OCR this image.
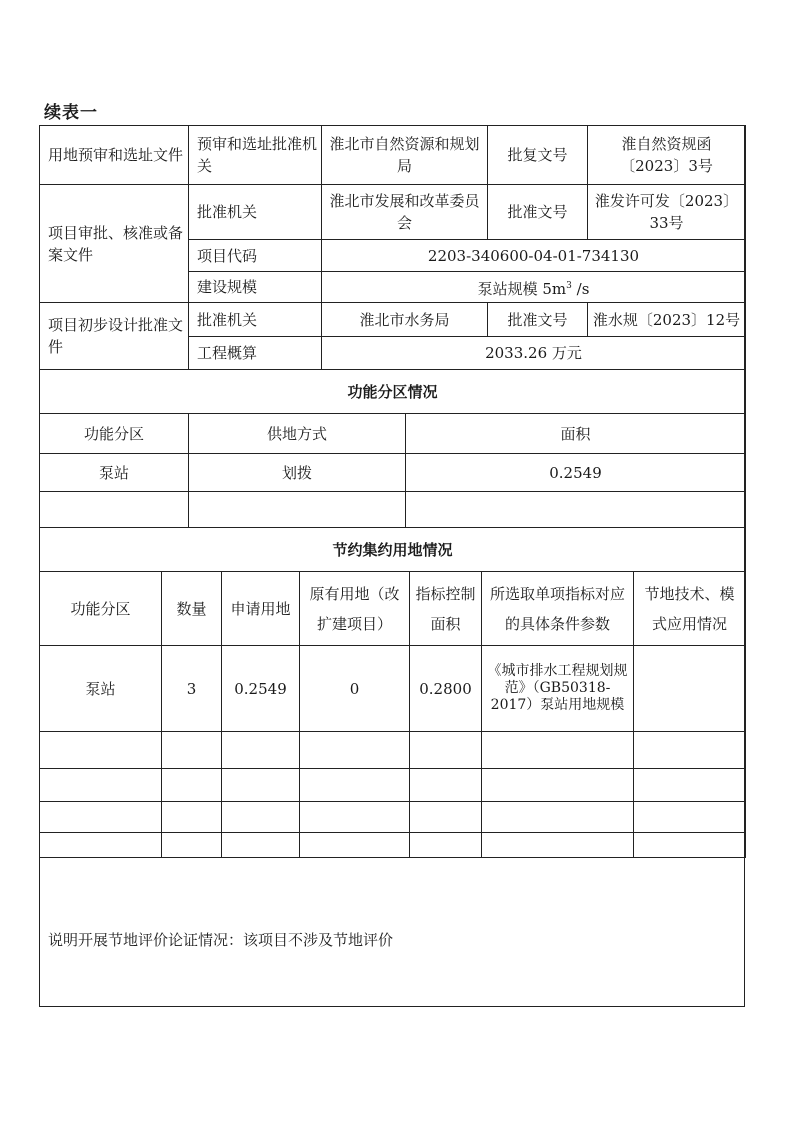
续表一
用地预审和选址文件	预审和选址批准机关	淮北市自然资源和规划局	批复文号	淮自然资规函〔2023〕3号
项目审批、核准或备案文件	批准机关	淮北市发展和改革委员会	批准文号	淮发许可发〔2023〕33号
	项目代码	2203-340600-04-01-734130		
	建设规模	泵站规模 $5m^3$ /s		
项目初步设计批准文件	批准机关	淮北市水务局	批准文号	淮水规〔2023〕12号
	工程概算	2033.26 万元		
功能分区情况		
功能分区	供地方式	面积
泵站	划拨	0.2549

节约集约用地情况						
功能分区	数量	申请用地	原有用地（改扩建项目）	指标控制面积	所选取单项指标对应的具体条件参数	节地技术、模式应用情况
泵站	3	0.2549	0	0.2800	《城市排水工程规划规范》（GB50318-2017）泵站用地规模	

说明开展节地评价论证情况：该项目不涉及节地评价
